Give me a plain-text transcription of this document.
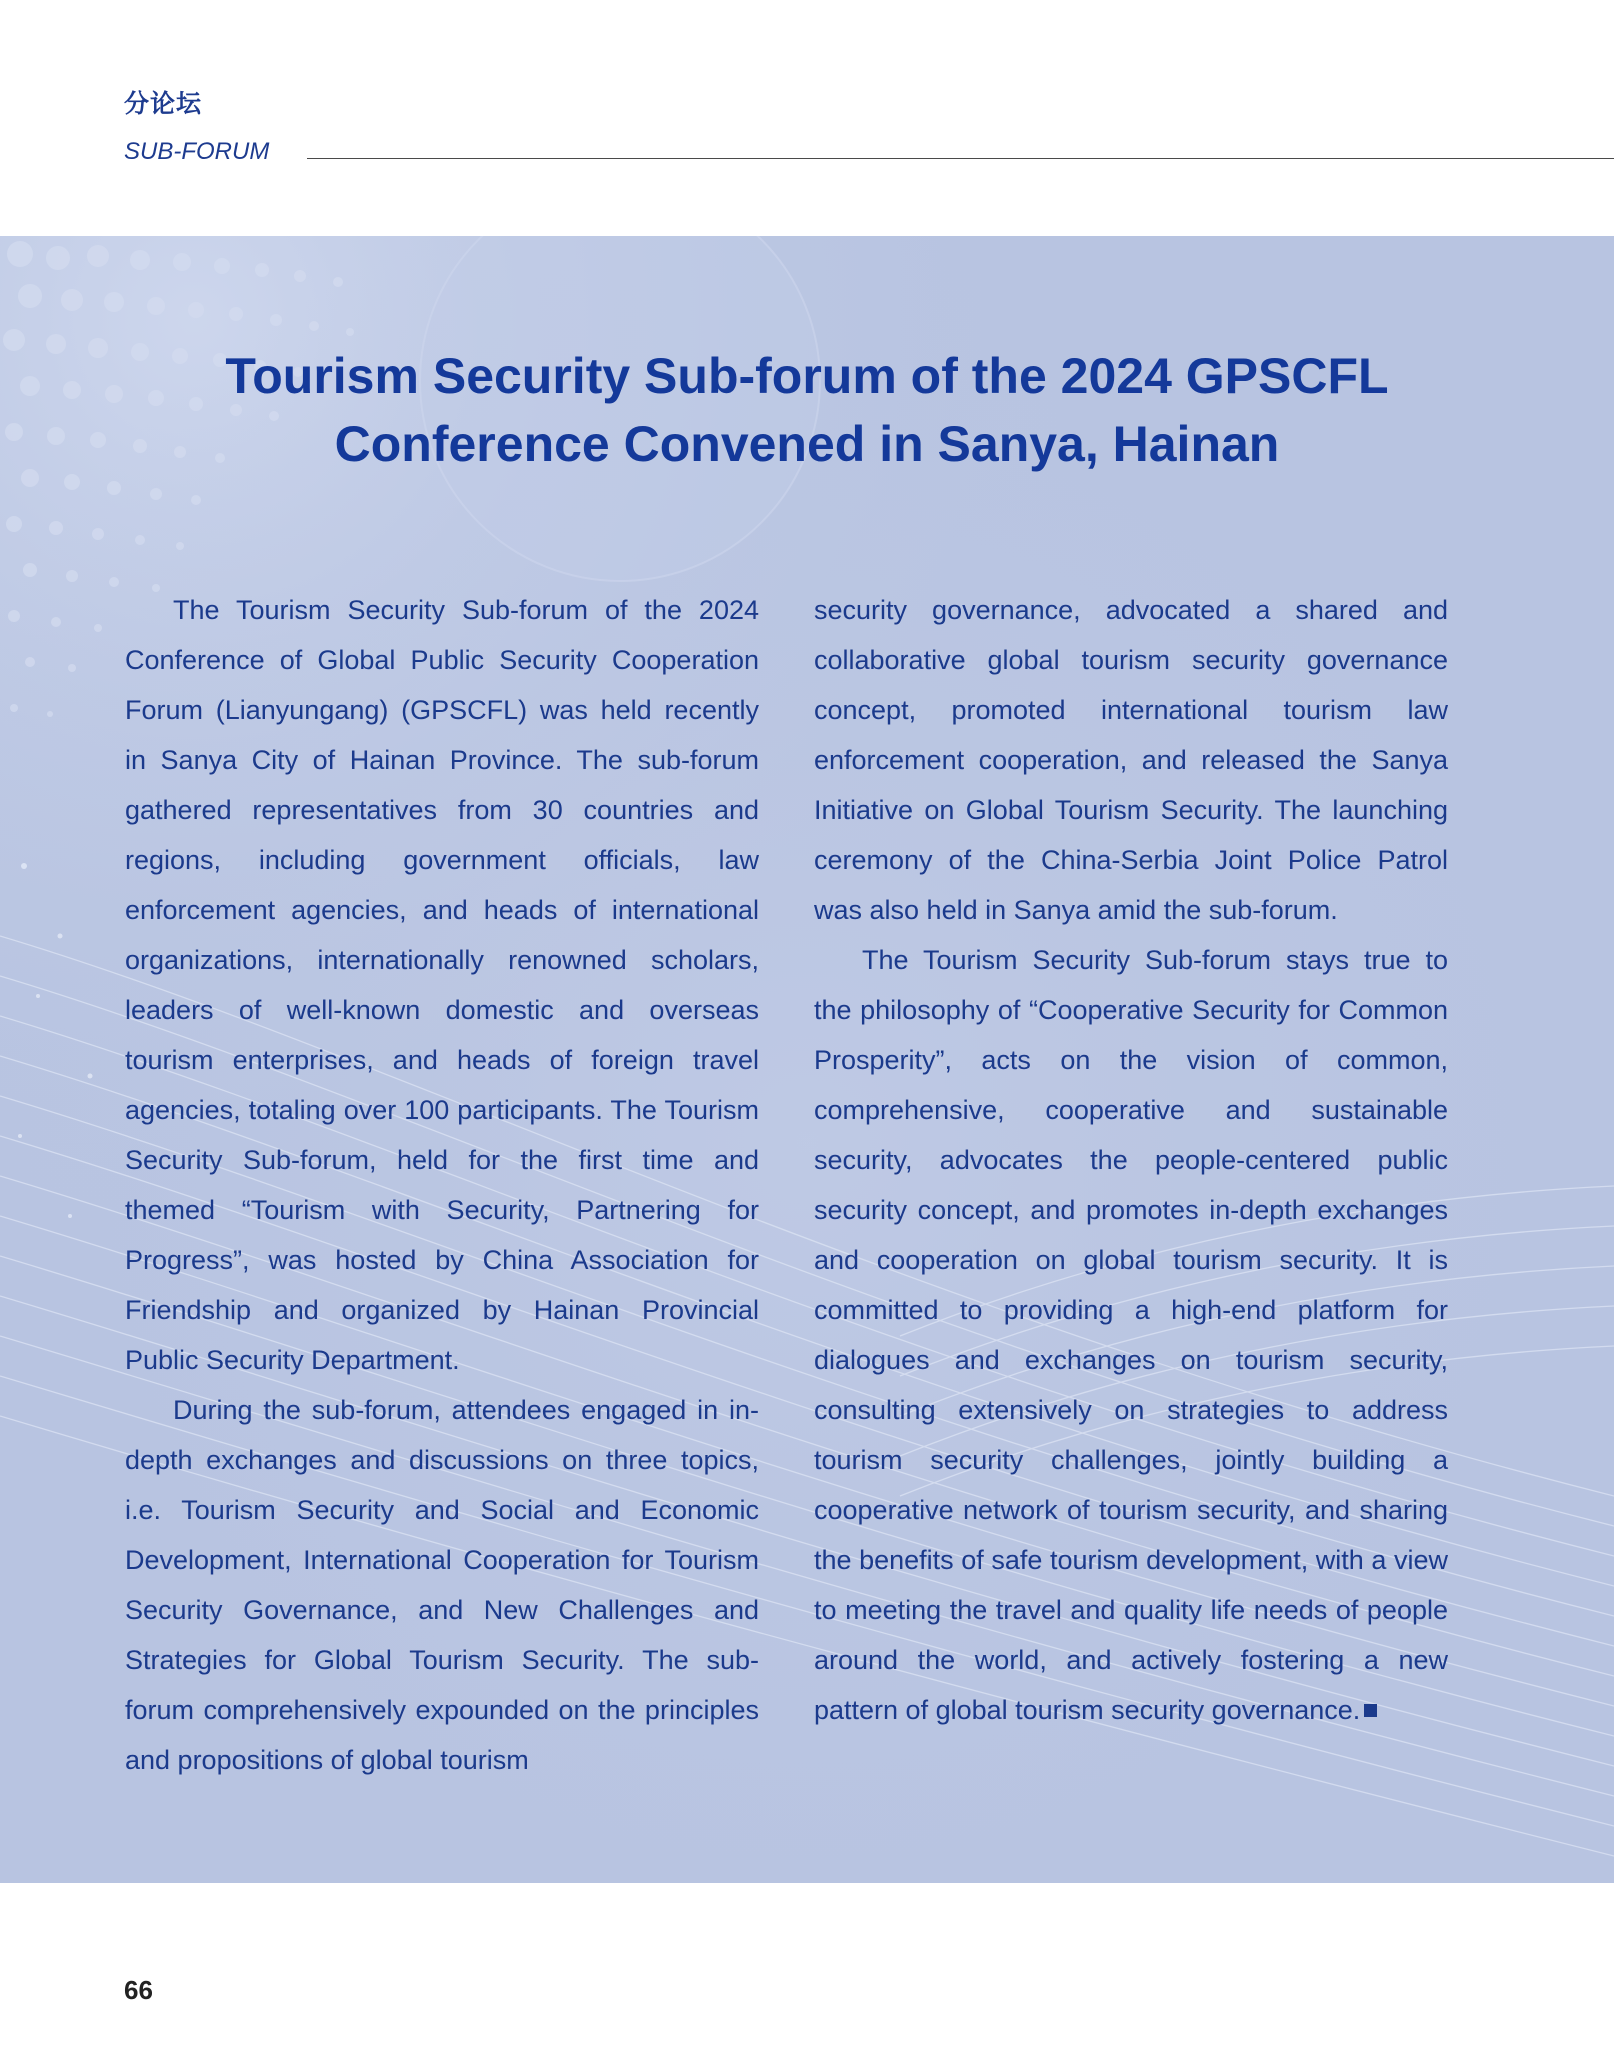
分论坛
SUB-FORUM
Tourism Security Sub-forum of the 2024 GPSCFL
Conference Convened in Sanya, Hainan

The Tourism Security Sub-forum of the 2024 Conference of Global Public Security Cooperation Forum (Lianyungang) (GPSCFL) was held recently in Sanya City of Hainan Province. The sub-forum gathered representatives from 30 countries and regions, including government officials, law enforcement agencies, and heads of international organizations, internationally renowned scholars, leaders of well-known domestic and overseas tourism enterprises, and heads of foreign travel agencies, totaling over 100 participants. The Tourism Security Sub-forum, held for the first time and themed “Tourism with Security, Partnering for Progress”, was hosted by China Association for Friendship and organized by Hainan Provincial Public Security Department.

During the sub-forum, attendees engaged in in-depth exchanges and discussions on three topics, i.e. Tourism Security and Social and Economic Development, International Cooperation for Tourism Security Governance, and New Challenges and Strategies for Global Tourism Security. The sub-forum comprehensively expounded on the principles and propositions of global tourism

security governance, advocated a shared and collaborative global tourism security governance concept, promoted international tourism law enforcement cooperation, and released the Sanya Initiative on Global Tourism Security. The launching ceremony of the China-Serbia Joint Police Patrol was also held in Sanya amid the sub-forum.

The Tourism Security Sub-forum stays true to the philosophy of “Cooperative Security for Common Prosperity”, acts on the vision of common, comprehensive, cooperative and sustainable security, advocates the people-centered public security concept, and promotes in-depth exchanges and cooperation on global tourism security. It is committed to providing a high-end platform for dialogues and exchanges on tourism security, consulting extensively on strategies to address tourism security challenges, jointly building a cooperative network of tourism security, and sharing the benefits of safe tourism development, with a view to meeting the travel and quality life needs of people around the world, and actively fostering a new pattern of global tourism security governance.

66
